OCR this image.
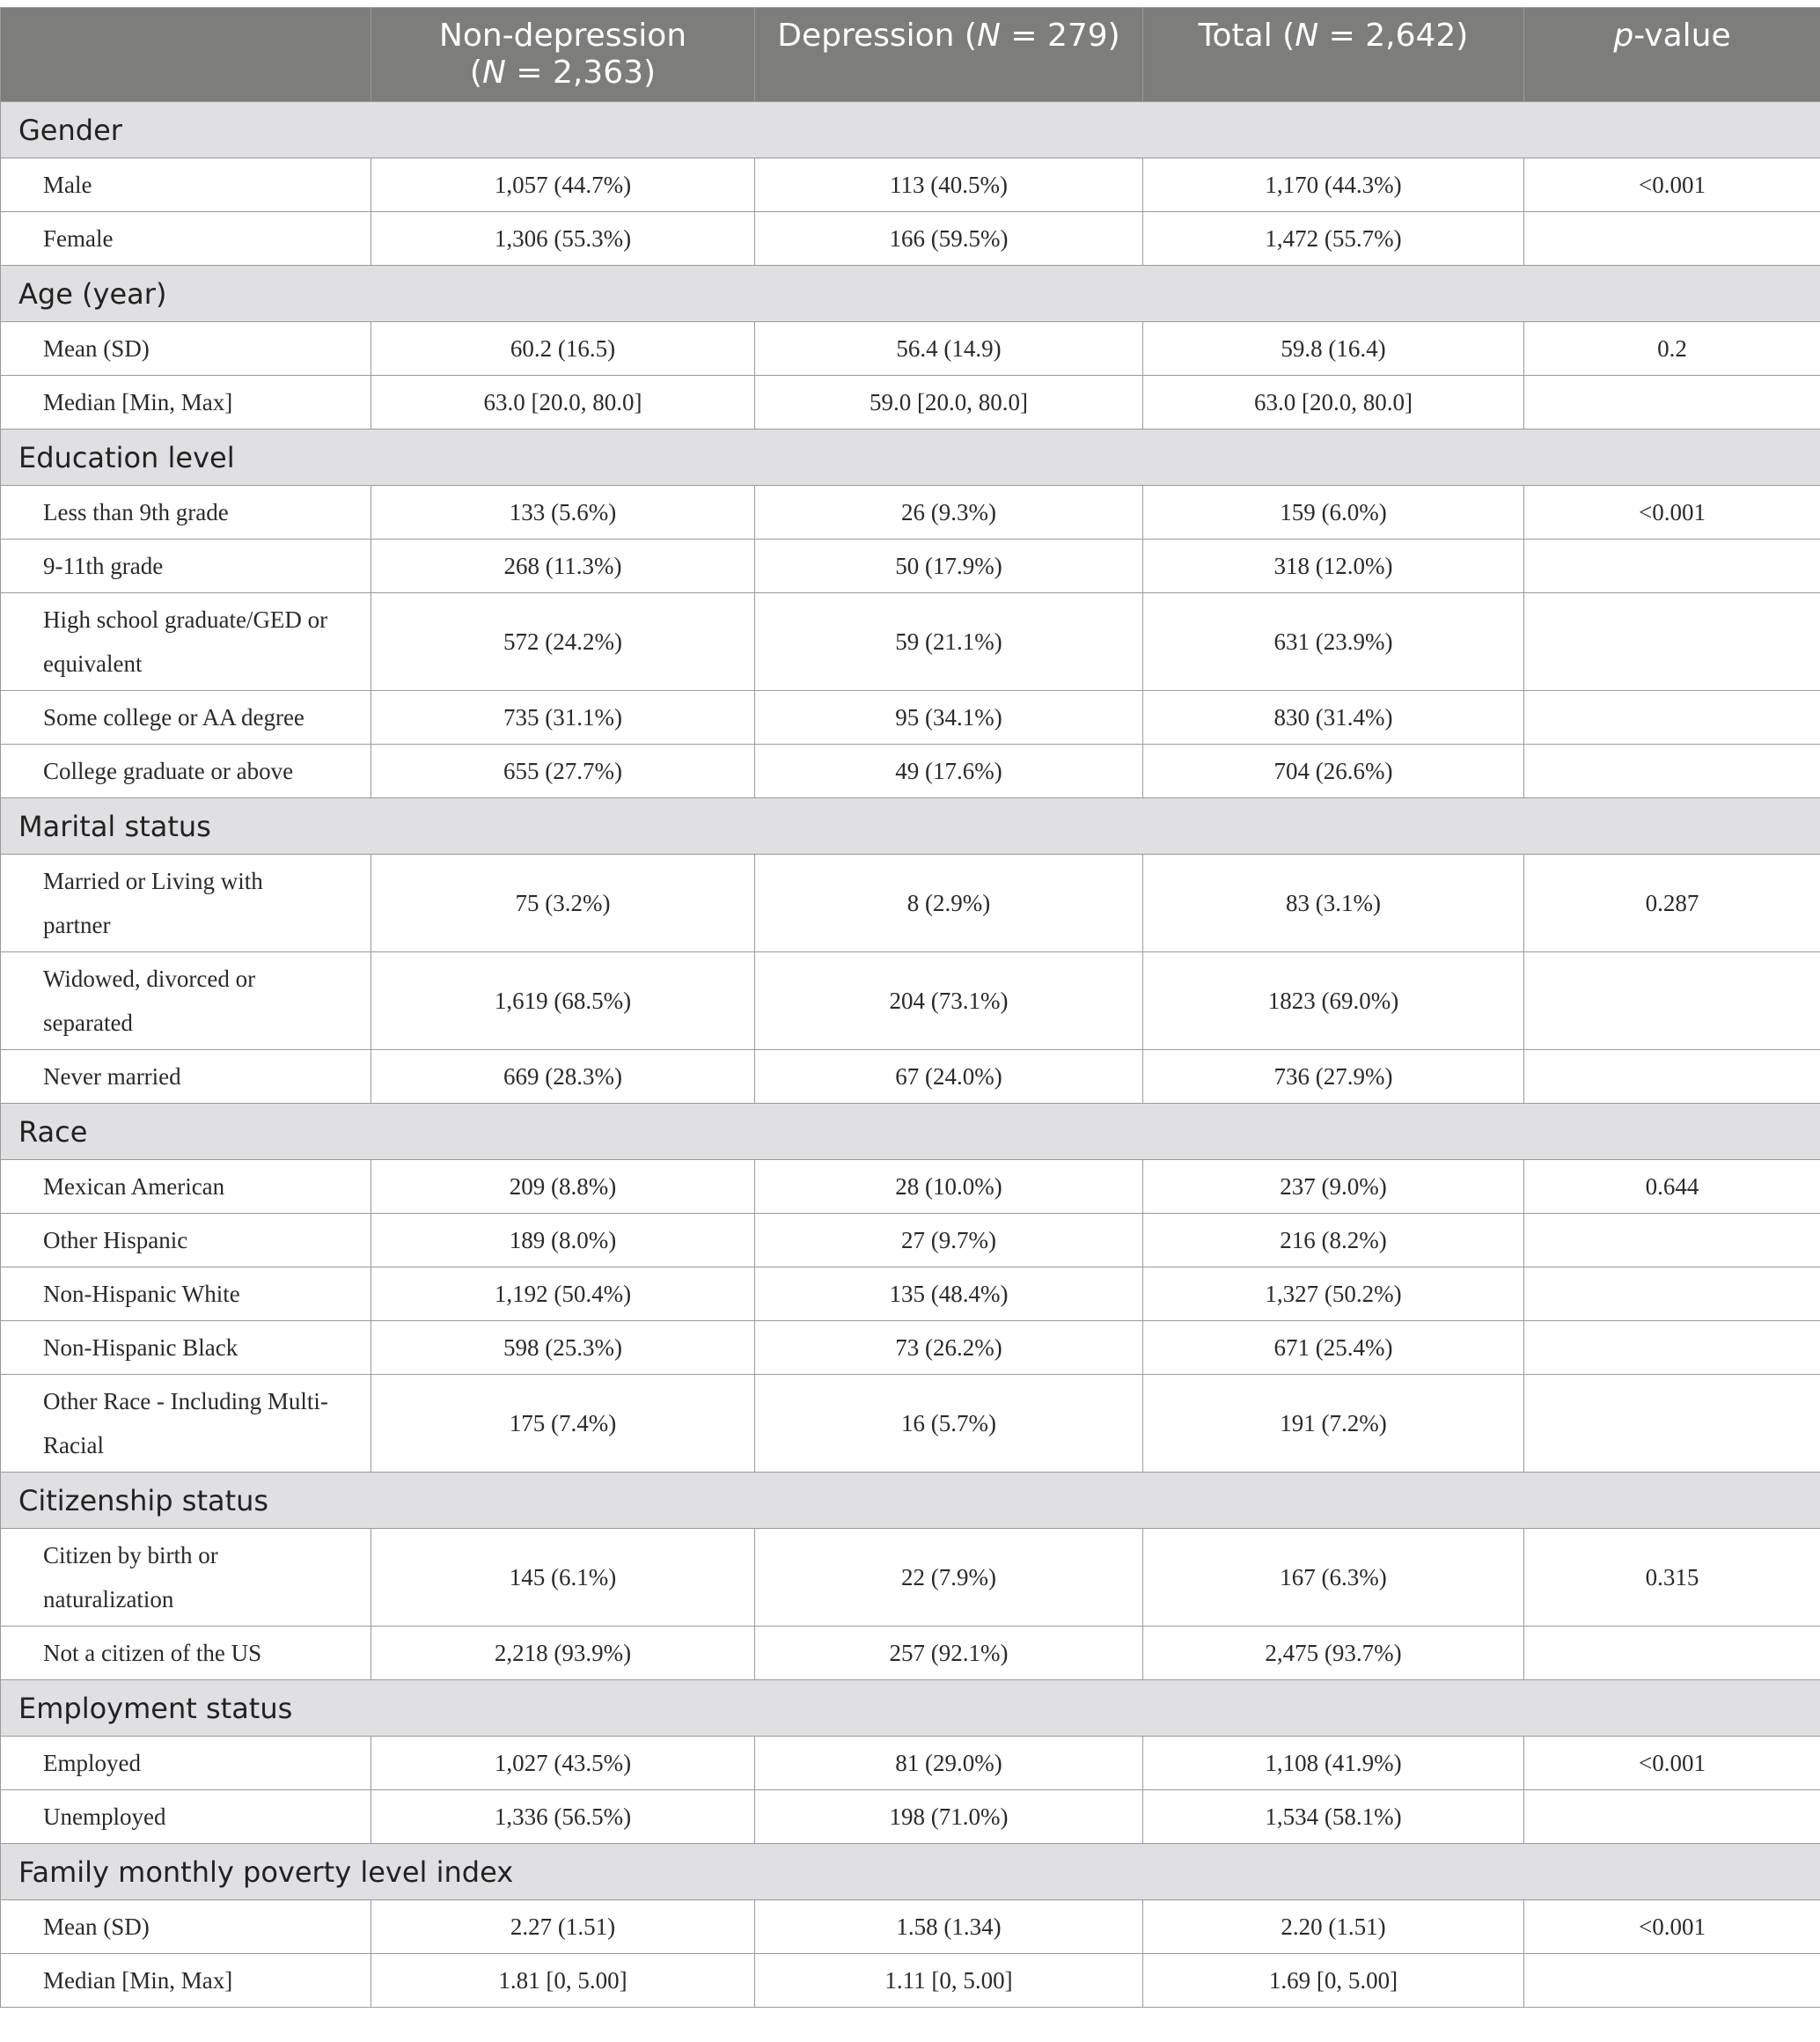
	Non-depression
(N = 2,363)	Depression (N = 279)	Total (N = 2,642)	p-value
Gender				
Male	1,057 (44.7%)	113 (40.5%)	1,170 (44.3%)	<0.001
Female	1,306 (55.3%)	166 (59.5%)	1,472 (55.7%)	
Age (year)				
Mean (SD)	60.2 (16.5)	56.4 (14.9)	59.8 (16.4)	0.2
Median [Min, Max]	63.0 [20.0, 80.0]	59.0 [20.0, 80.0]	63.0 [20.0, 80.0]	
Education level				
Less than 9th grade	133 (5.6%)	26 (9.3%)	159 (6.0%)	<0.001
9-11th grade	268 (11.3%)	50 (17.9%)	318 (12.0%)	
High school graduate/GED or
equivalent	572 (24.2%)	59 (21.1%)	631 (23.9%)	
Some college or AA degree	735 (31.1%)	95 (34.1%)	830 (31.4%)	
College graduate or above	655 (27.7%)	49 (17.6%)	704 (26.6%)	
Marital status				
Married or Living with
partner	75 (3.2%)	8 (2.9%)	83 (3.1%)	0.287
Widowed, divorced or
separated	1,619 (68.5%)	204 (73.1%)	1823 (69.0%)	
Never married	669 (28.3%)	67 (24.0%)	736 (27.9%)	
Race				
Mexican American	209 (8.8%)	28 (10.0%)	237 (9.0%)	0.644
Other Hispanic	189 (8.0%)	27 (9.7%)	216 (8.2%)	
Non-Hispanic White	1,192 (50.4%)	135 (48.4%)	1,327 (50.2%)	
Non-Hispanic Black	598 (25.3%)	73 (26.2%)	671 (25.4%)	
Other Race - Including Multi-
Racial	175 (7.4%)	16 (5.7%)	191 (7.2%)	
Citizenship status				
Citizen by birth or
naturalization	145 (6.1%)	22 (7.9%)	167 (6.3%)	0.315
Not a citizen of the US	2,218 (93.9%)	257 (92.1%)	2,475 (93.7%)	
Employment status				
Employed	1,027 (43.5%)	81 (29.0%)	1,108 (41.9%)	<0.001
Unemployed	1,336 (56.5%)	198 (71.0%)	1,534 (58.1%)	
Family monthly poverty level index				
Mean (SD)	2.27 (1.51)	1.58 (1.34)	2.20 (1.51)	<0.001
Median [Min, Max]	1.81 [0, 5.00]	1.11 [0, 5.00]	1.69 [0, 5.00]	
